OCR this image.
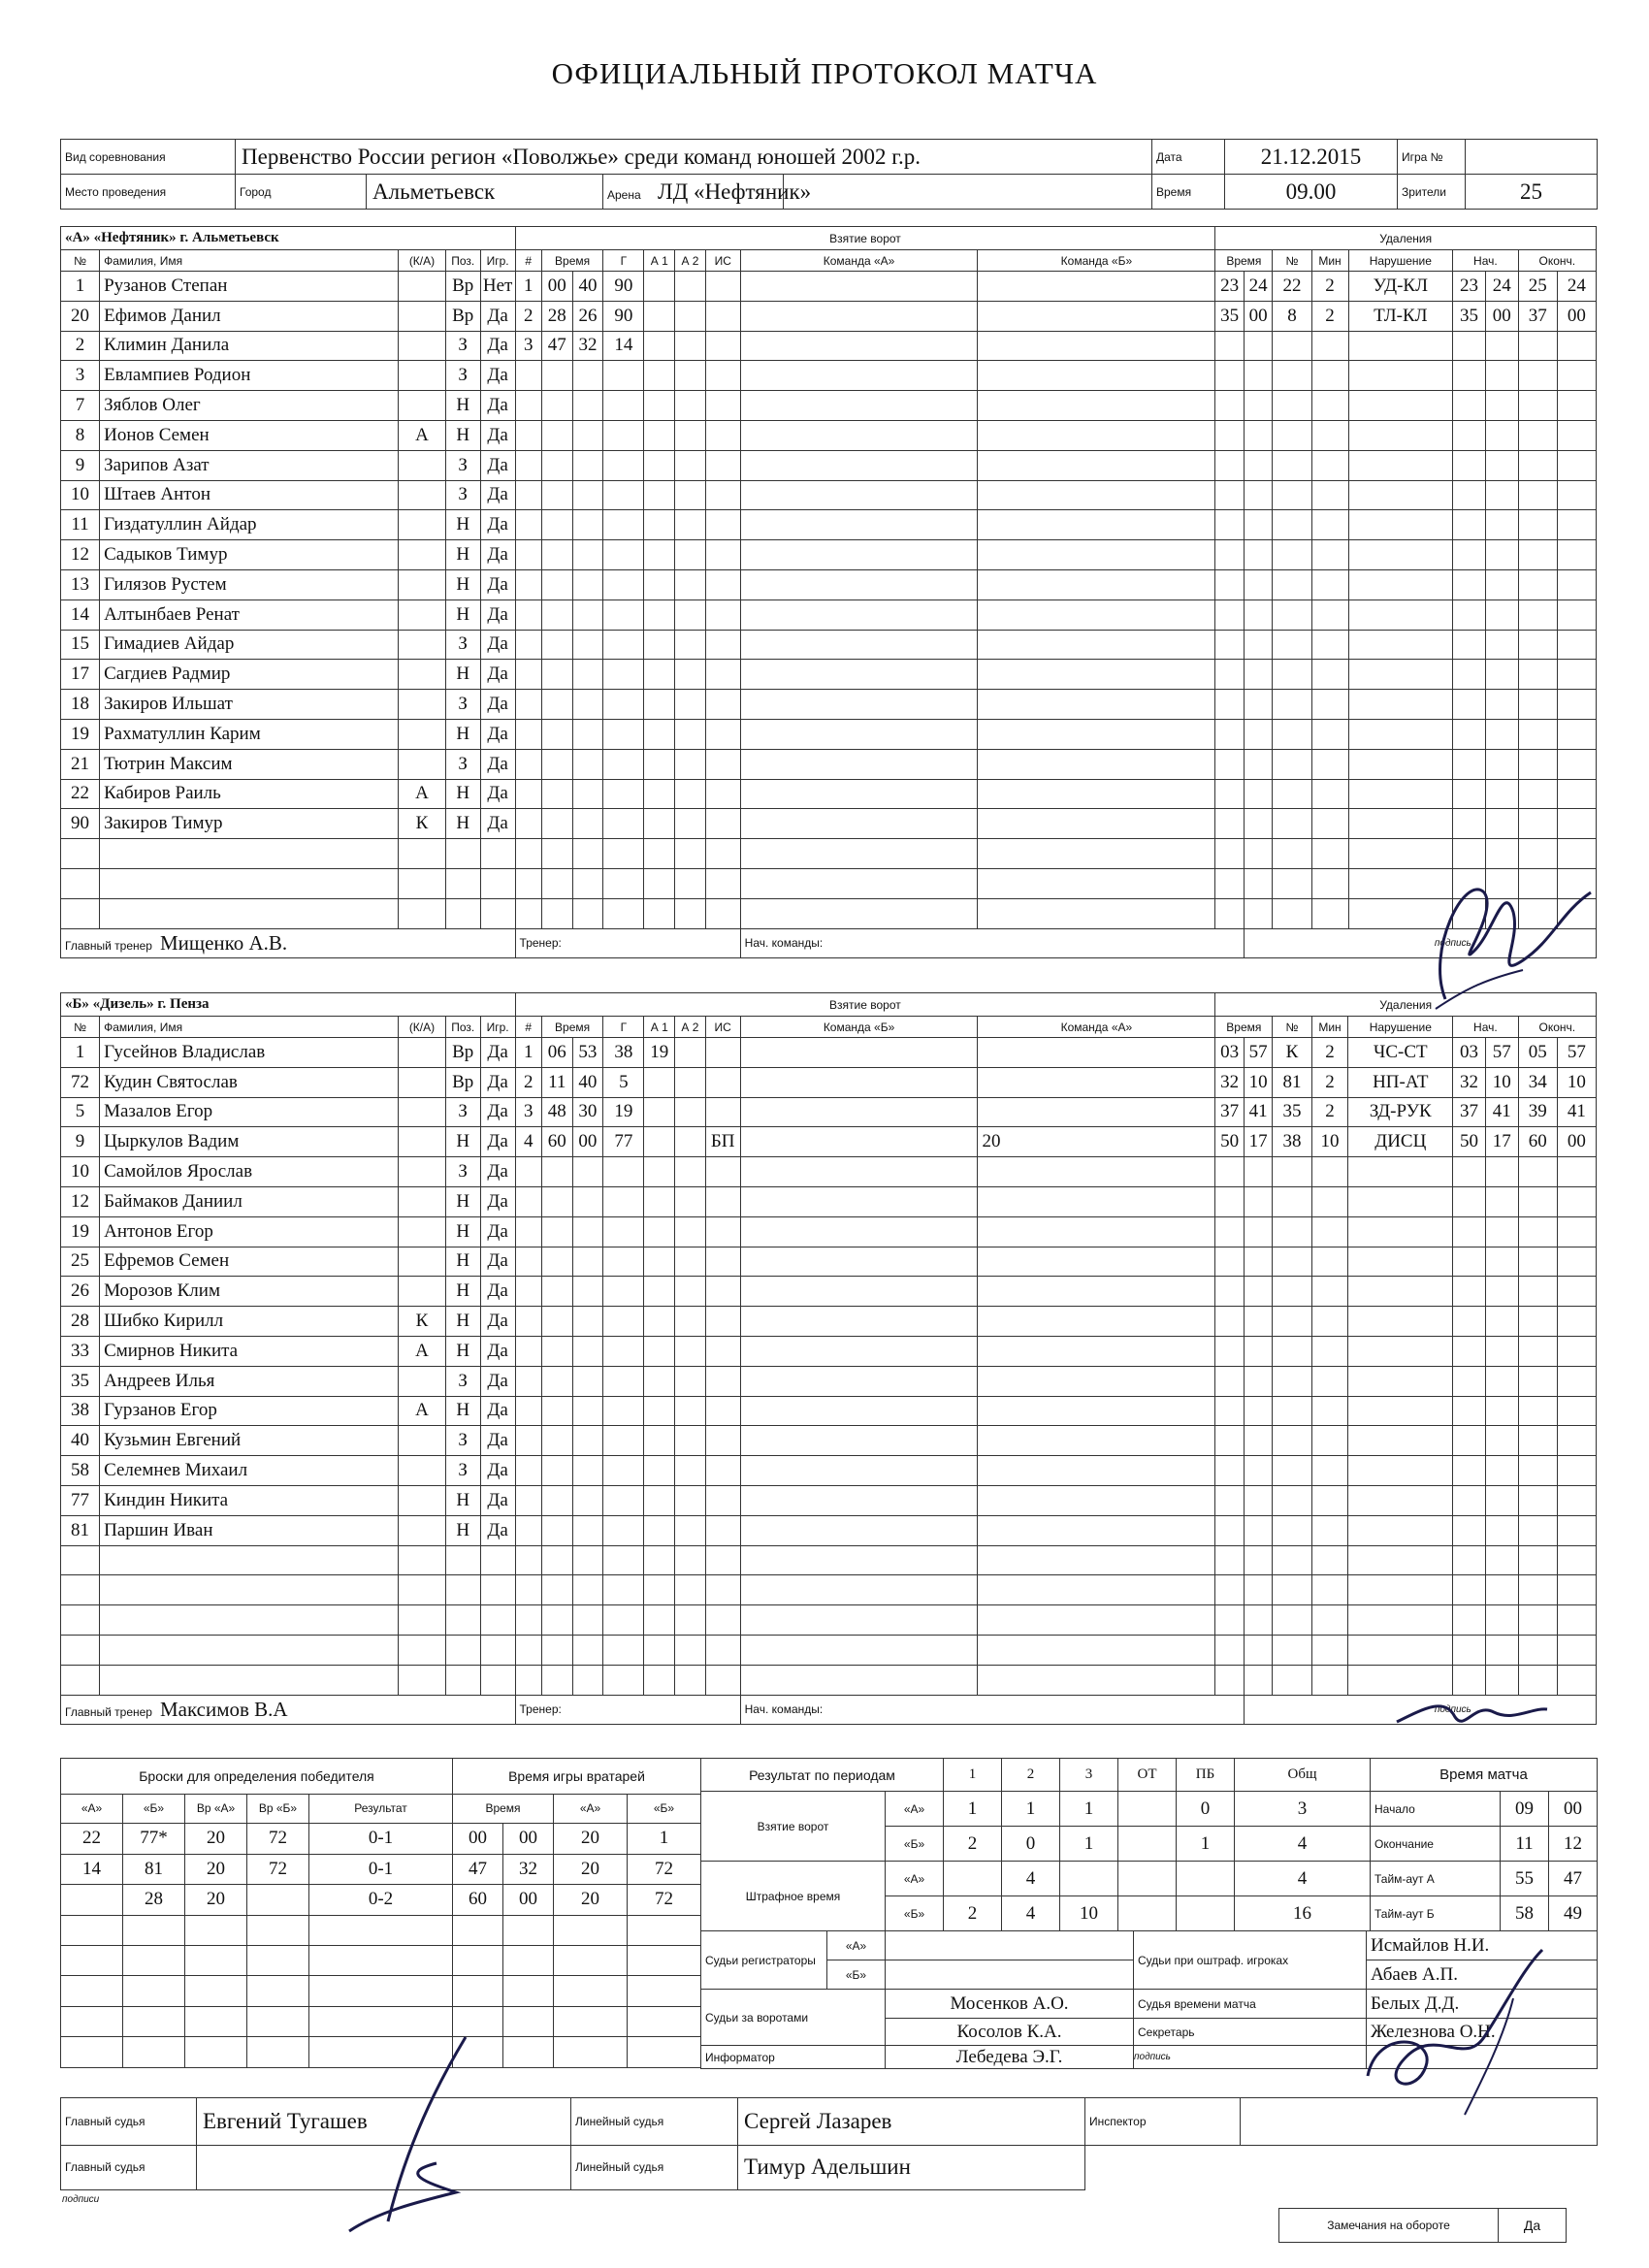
ОФИЦИАЛЬНЫЙ ПРОТОКОЛ МАТЧА
Вид соревнования	Первенство России регион «Поволжье» среди команд юношей 2002 г.р.				Дата	21.12.2015	Игра №	
Место проведения	Город	Альметьевск	Арена ЛД «Нефтяник»		Время	09.00	Зрители	25
«А» «Нефтяник» г. Альметьевск					Взятие ворот									Удаления								
№	Фамилия, Имя	(К/А)	Поз.	Игр.	#	Время		Г	А 1	А 2	ИС	Команда «А»	Команда «Б»	Время		№	Мин	Нарушение	Нач.		Оконч.	
1	Рузанов Степан		Вр	Нет	1	00	40	90						23	24	22	2	УД-КЛ	23	24	25	24
20	Ефимов Данил		Вр	Да	2	28	26	90						35	00	8	2	ТЛ-КЛ	35	00	37	00
2	Климин Данила		З	Да	3	47	32	14														
3	Евлампиев Родион		З	Да																		
7	Зяблов Олег		Н	Да																		
8	Ионов Семен	А	Н	Да																		
9	Зарипов Азат		З	Да																		
10	Штаев Антон		З	Да																		
11	Гиздатуллин Айдар		Н	Да																		
12	Садыков Тимур		Н	Да																		
13	Гилязов Рустем		Н	Да																		
14	Алтынбаев Ренат		Н	Да																		
15	Гимадиев Айдар		З	Да																		
17	Сагдиев Радмир		Н	Да																		
18	Закиров Ильшат		З	Да																		
19	Рахматуллин Карим		Н	Да																		
21	Тютрин Максим		З	Да																		
22	Кабиров Раиль	А	Н	Да																		
90	Закиров Тимур	К	Н	Да																		

Главный тренер Мищенко А.В.					Тренер:							Нач. команды:			подпись							
«Б» «Дизель» г. Пенза					Взятие ворот									Удаления								
№	Фамилия, Имя	(К/А)	Поз.	Игр.	#	Время		Г	А 1	А 2	ИС	Команда «Б»	Команда «А»	Время		№	Мин	Нарушение	Нач.		Оконч.	
1	Гусейнов Владислав		Вр	Да	1	06	53	38	19					03	57	К	2	ЧС-СТ	03	57	05	57
72	Кудин Святослав		Вр	Да	2	11	40	5						32	10	81	2	НП-АТ	32	10	34	10
5	Мазалов Егор		З	Да	3	48	30	19						37	41	35	2	ЗД-РУК	37	41	39	41
9	Цыркулов Вадим		Н	Да	4	60	00	77			БП		20	50	17	38	10	ДИСЦ	50	17	60	00
10	Самойлов Ярослав		З	Да																		
12	Баймаков Даниил		Н	Да																		
19	Антонов Егор		Н	Да																		
25	Ефремов Семен		Н	Да																		
26	Морозов Клим		Н	Да																		
28	Шибко Кирилл	К	Н	Да																		
33	Смирнов Никита	А	Н	Да																		
35	Андреев Илья		З	Да																		
38	Гурзанов Егор	А	Н	Да																		
40	Кузьмин Евгений		З	Да																		
58	Селемнев Михаил		З	Да																		
77	Киндин Никита		Н	Да																		
81	Паршин Иван		Н	Да																		

Главный тренер Максимов В.А					Тренер:							Нач. команды:			подпись							
Броски для определения победителя				
«А»	«Б»	Вр «А»	Вр «Б»	Результат
22	77*	20	72	0-1
14	81	20	72	0-1
	28	20		0-2

Время игры вратарей			
Время		«А»	«Б»
00	00	20	1
47	32	20	72
60	00	20	72

Результат по периодам		1	2	3	ОТ	ПБ	Общ
Взятие ворот	«А»	1	1	1		0	3
	«Б»	2	0	1		1	4
Штрафное время	«А»		4				4
	«Б»	2	4	10			16
Время матча		
Начало	09	00
Окончание	11	12
Тайм-аут А	55	47
Тайм-аут Б	58	49
Судьи регистраторы	«А»		Судьи при оштраф. игроках	Исмайлов Н.И.
	«Б»			Абаев А.П.
Судьи за воротами		Мосенков А.О.	Судья времени матча	Белых Д.Д.
		Косолов К.А.	Секретарь	Железнова О.Н.
Информатор		Лебедева Э.Г.	подпись	
Главный судья	Евгений Тугашев	Линейный судья	Сергей Лазарев	Инспектор	
Главный судья		Линейный судья	Тимур Адельшин		
подписи
Замечания на обороте	Да
